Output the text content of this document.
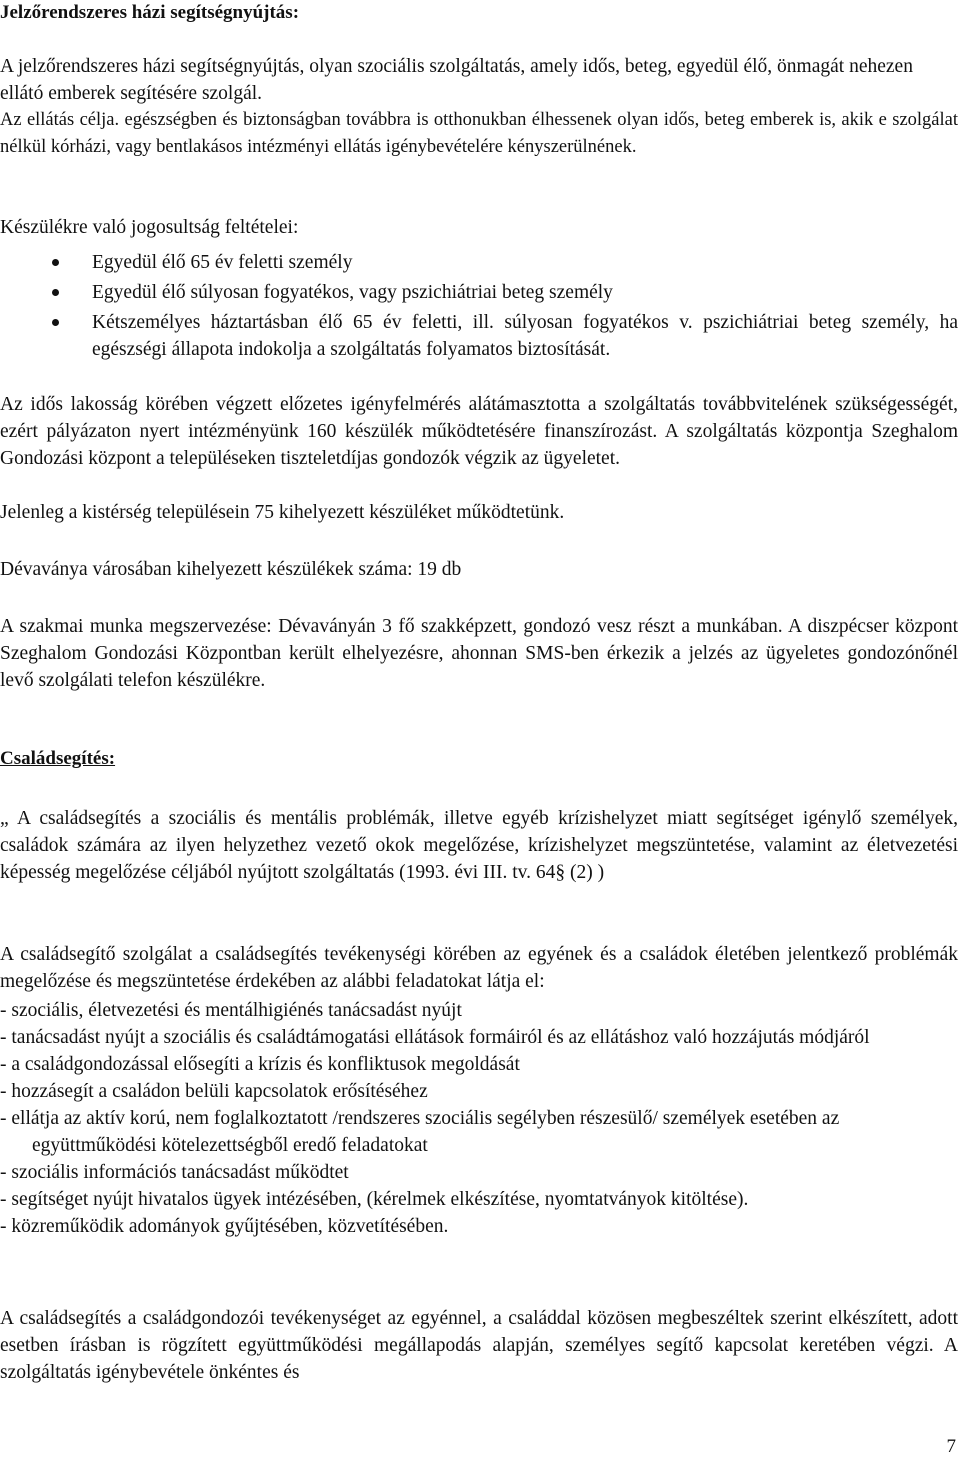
Jelzőrendszeres házi segítségnyújtás:

A jelzőrendszeres házi segítségnyújtás, olyan szociális szolgáltatás, amely idős, beteg, egyedül élő, önmagát nehezen ellátó emberek segítésére szolgál.

Az ellátás célja. egészségben és biztonságban továbbra is otthonukban élhessenek olyan idős, beteg emberek is, akik e szolgálat nélkül kórházi, vagy bentlakásos intézményi ellátás igénybevételére kényszerülnének.

Készülékre való jogosultság feltételei:

Egyedül élő 65 év feletti személy
Egyedül élő súlyosan fogyatékos, vagy pszichiátriai beteg személy
Kétszemélyes háztartásban élő 65 év feletti, ill. súlyosan fogyatékos v. pszichiátriai beteg személy, ha egészségi állapota indokolja a szolgáltatás folyamatos biztosítását.

Az idős lakosság körében végzett előzetes igényfelmérés alátámasztotta a szolgáltatás továbbvitelének szükségességét, ezért pályázaton nyert intézményünk 160 készülék működtetésére finanszírozást. A szolgáltatás központja Szeghalom Gondozási központ a településeken tiszteletdíjas gondozók végzik az ügyeletet.

Jelenleg a kistérség településein 75 kihelyezett készüléket működtetünk.

Dévaványa városában kihelyezett készülékek száma: 19 db

A szakmai munka megszervezése: Dévaványán 3 fő szakképzett, gondozó vesz részt a munkában. A diszpécser központ Szeghalom Gondozási Központban került elhelyezésre, ahonnan SMS-ben érkezik a jelzés az ügyeletes gondozónőnél levő szolgálati telefon készülékre.

Családsegítés:

„ A családsegítés a szociális és mentális problémák, illetve egyéb krízishelyzet miatt segítséget igénylő személyek, családok számára az ilyen helyzethez vezető okok megelőzése, krízishelyzet megszüntetése, valamint az életvezetési képesség megelőzése céljából nyújtott szolgáltatás (1993. évi III. tv. 64§ (2) )

A családsegítő szolgálat a családsegítés tevékenységi körében az egyének és a családok életében jelentkező problémák megelőzése és megszüntetése érdekében az alábbi feladatokat látja el:

- szociális, életvezetési és mentálhigiénés tanácsadást nyújt
- tanácsadást nyújt a szociális és családtámogatási ellátások formáiról és az ellátáshoz való hozzájutás módjáról
- a családgondozással elősegíti a krízis és konfliktusok megoldását
- hozzásegít a családon belüli kapcsolatok erősítéséhez
- ellátja az aktív korú, nem foglalkoztatott /rendszeres szociális segélyben részesülő/ személyek esetében az együttműködési kötelezettségből eredő feladatokat
- szociális információs tanácsadást működtet
- segítséget nyújt hivatalos ügyek intézésében, (kérelmek elkészítése, nyomtatványok kitöltése).
- közreműködik adományok gyűjtésében, közvetítésében.

A családsegítés a családgondozói tevékenységet az egyénnel, a családdal közösen megbeszéltek szerint elkészített, adott esetben írásban is rögzített együttműködési megállapodás alapján, személyes segítő kapcsolat keretében végzi. A szolgáltatás igénybevétele önkéntes és

7
